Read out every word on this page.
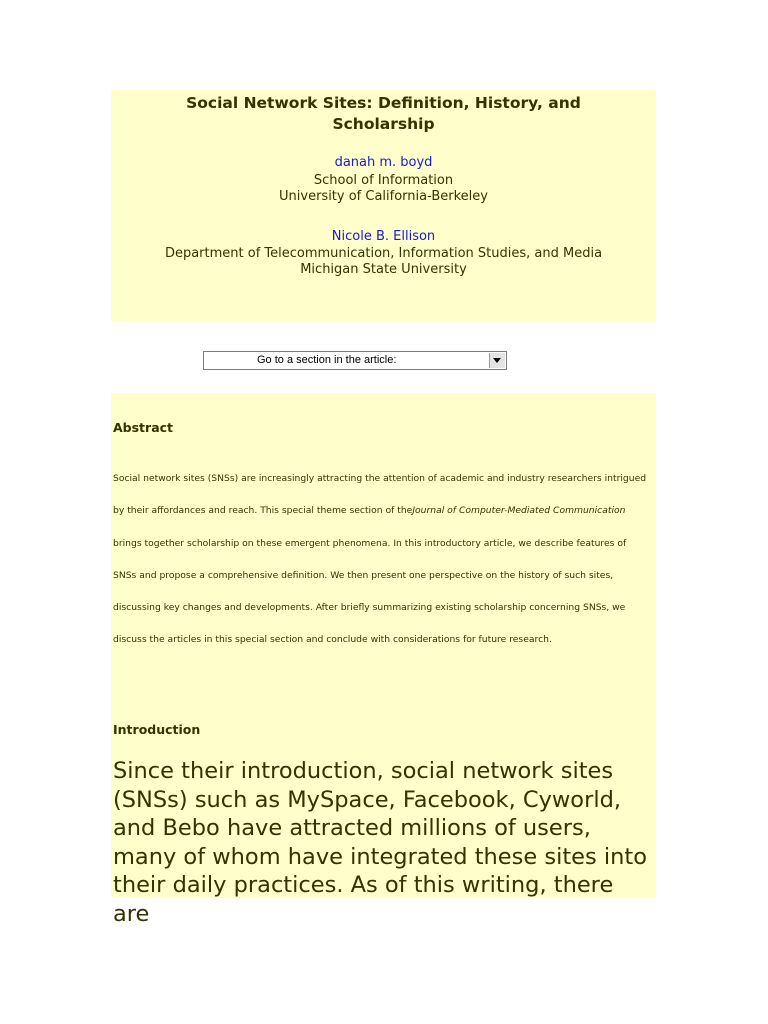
Social Network Sites: Definition, History, and Scholarship
danah m. boyd
School of Information
University of California-Berkeley
Nicole B. Ellison
Department of Telecommunication, Information Studies, and Media
Michigan State University
Go to a section in the article:
Abstract

Social network sites (SNSs) are increasingly attracting the attention of academic and industry researchers intrigued by their affordances and reach. This special theme section of theJournal of Computer-Mediated Communication brings together scholarship on these emergent phenomena. In this introductory article, we describe features of SNSs and propose a comprehensive definition. We then present one perspective on the history of such sites, discussing key changes and developments. After briefly summarizing existing scholarship concerning SNSs, we discuss the articles in this special section and conclude with considerations for future research.

Introduction

Since their introduction, social network sites (SNSs) such as MySpace, Facebook, Cyworld, and Bebo have attracted millions of users, many of whom have integrated these sites into their daily practices. As of this writing, there are
